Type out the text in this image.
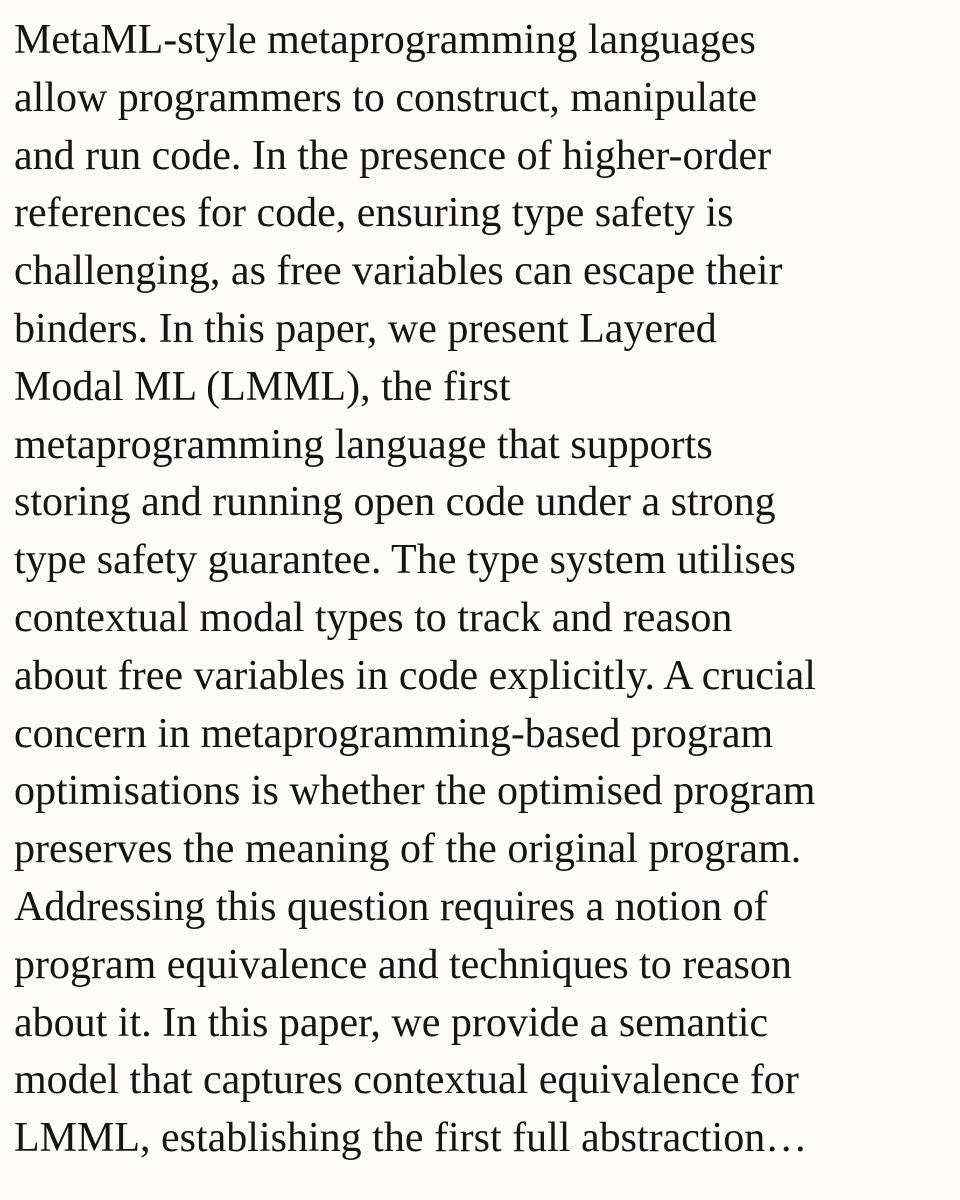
MetaML-style metaprogramming languages
allow programmers to construct, manipulate
and run code. In the presence of higher-order
references for code, ensuring type safety is
challenging, as free variables can escape their
binders. In this paper, we present Layered
Modal ML (LMML), the first
metaprogramming language that supports
storing and running open code under a strong
type safety guarantee. The type system utilises
contextual modal types to track and reason
about free variables in code explicitly. A crucial
concern in metaprogramming-based program
optimisations is whether the optimised program
preserves the meaning of the original program.
Addressing this question requires a notion of
program equivalence and techniques to reason
about it. In this paper, we provide a semantic
model that captures contextual equivalence for
LMML, establishing the first full abstraction…
